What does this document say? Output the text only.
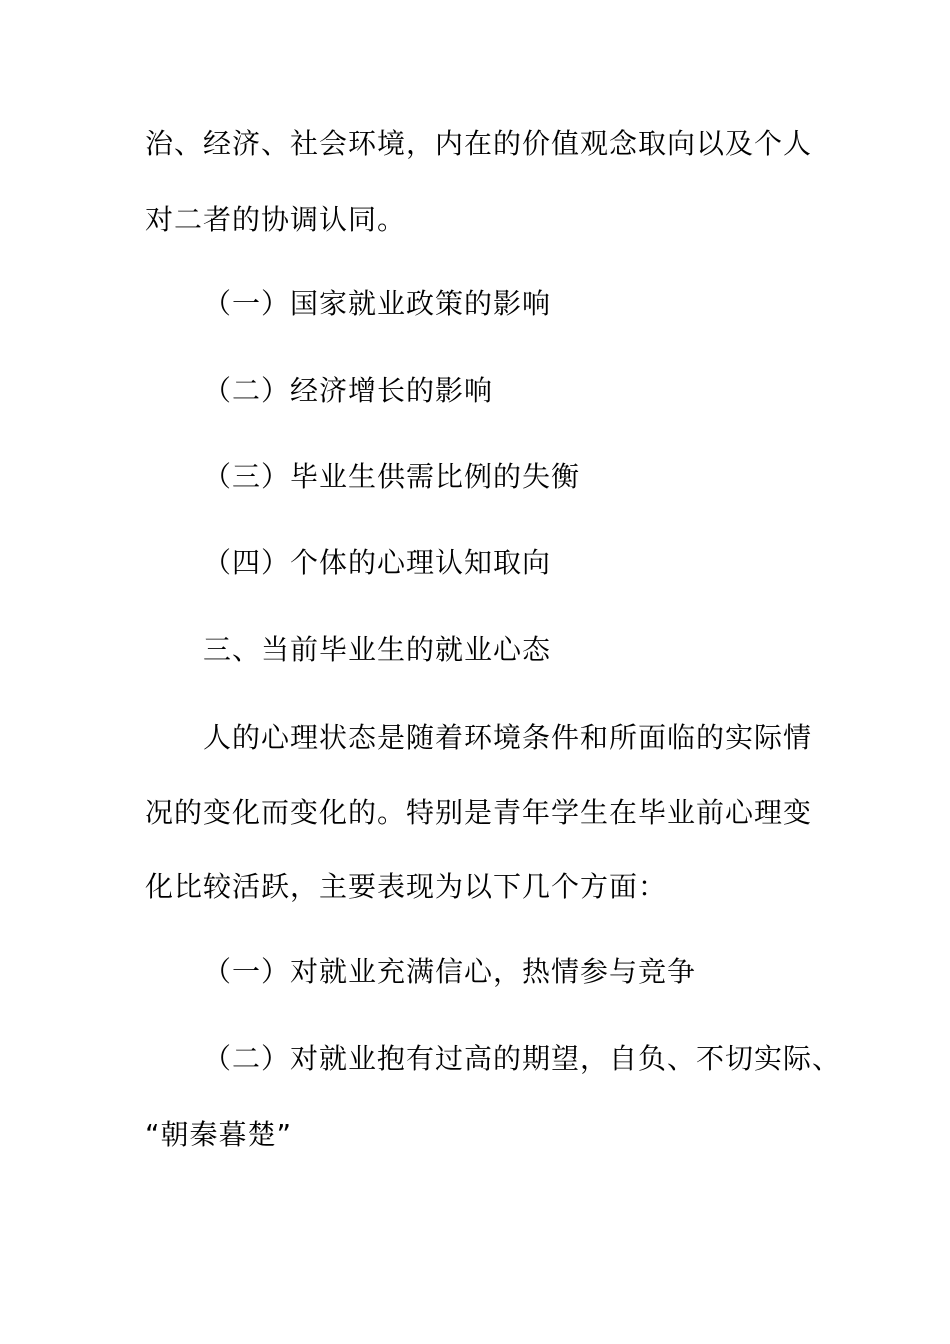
治、经济、社会环境，内在的价值观念取向以及个人
对二者的协调认同。
（一）国家就业政策的影响
（二）经济增长的影响
（三）毕业生供需比例的失衡
（四）个体的心理认知取向
三、当前毕业生的就业心态
人的心理状态是随着环境条件和所面临的实际情
况的变化而变化的。特别是青年学生在毕业前心理变
化比较活跃，主要表现为以下几个方面：
（一）对就业充满信心，热情参与竞争
（二）对就业抱有过高的期望，自负、不切实际、
“朝秦暮楚”
